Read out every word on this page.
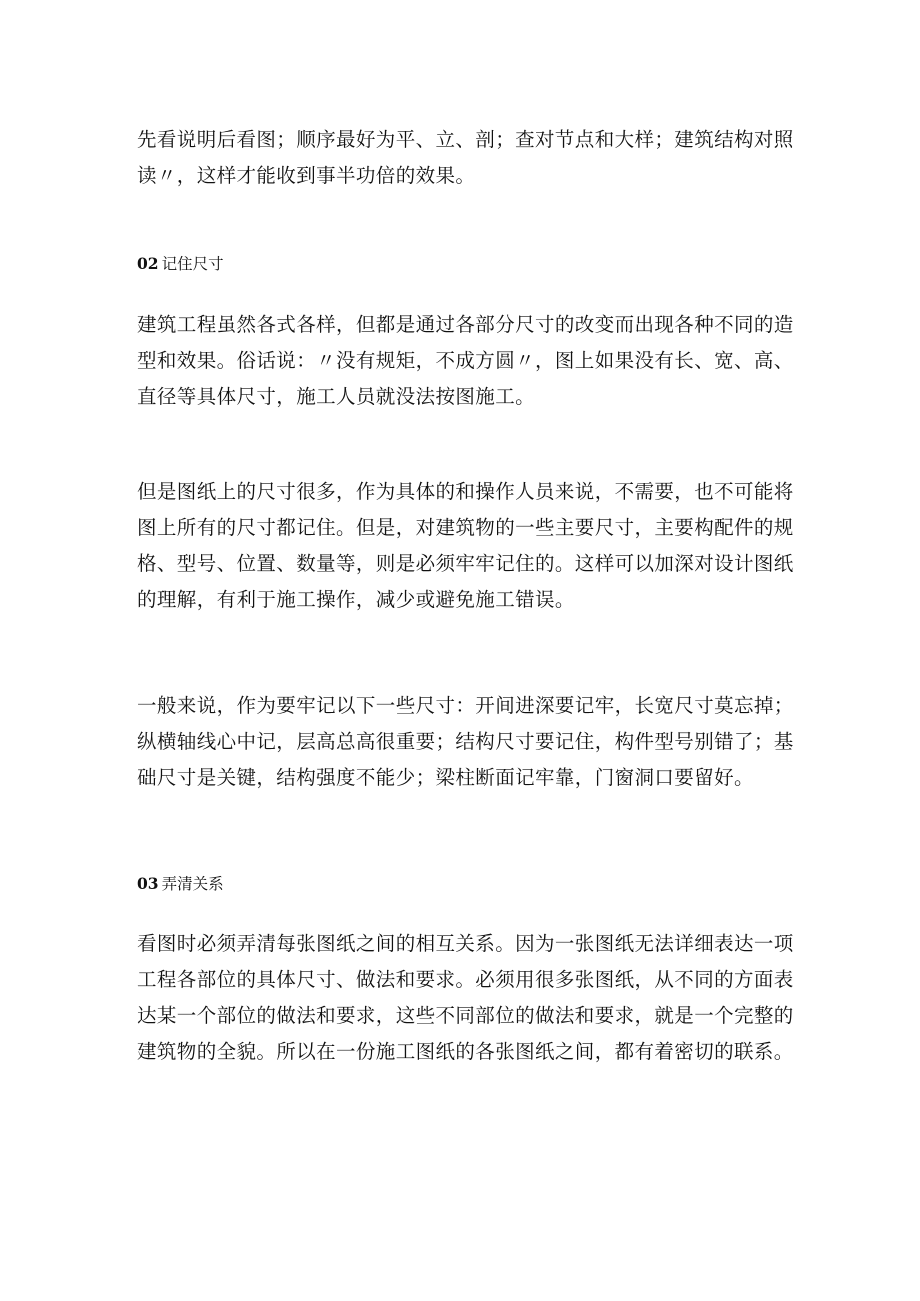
先看说明后看图；顺序最好为平、立、剖；查对节点和大样；建筑结构对照读〃，这样才能收到事半功倍的效果。

02 记住尺寸

建筑工程虽然各式各样，但都是通过各部分尺寸的改变而出现各种不同的造型和效果。俗话说：〃没有规矩，不成方圆〃，图上如果没有长、宽、高、直径等具体尺寸，施工人员就没法按图施工。

但是图纸上的尺寸很多，作为具体的和操作人员来说，不需要，也不可能将图上所有的尺寸都记住。但是，对建筑物的一些主要尺寸，主要构配件的规格、型号、位置、数量等，则是必须牢牢记住的。这样可以加深对设计图纸的理解，有利于施工操作，减少或避免施工错误。

一般来说，作为要牢记以下一些尺寸：开间进深要记牢，长宽尺寸莫忘掉；纵横轴线心中记，层高总高很重要；结构尺寸要记住，构件型号别错了；基础尺寸是关键，结构强度不能少；梁柱断面记牢靠，门窗洞口要留好。

03 弄清关系

看图时必须弄清每张图纸之间的相互关系。因为一张图纸无法详细表达一项工程各部位的具体尺寸、做法和要求。必须用很多张图纸，从不同的方面表达某一个部位的做法和要求，这些不同部位的做法和要求，就是一个完整的建筑物的全貌。所以在一份施工图纸的各张图纸之间，都有着密切的联系。
